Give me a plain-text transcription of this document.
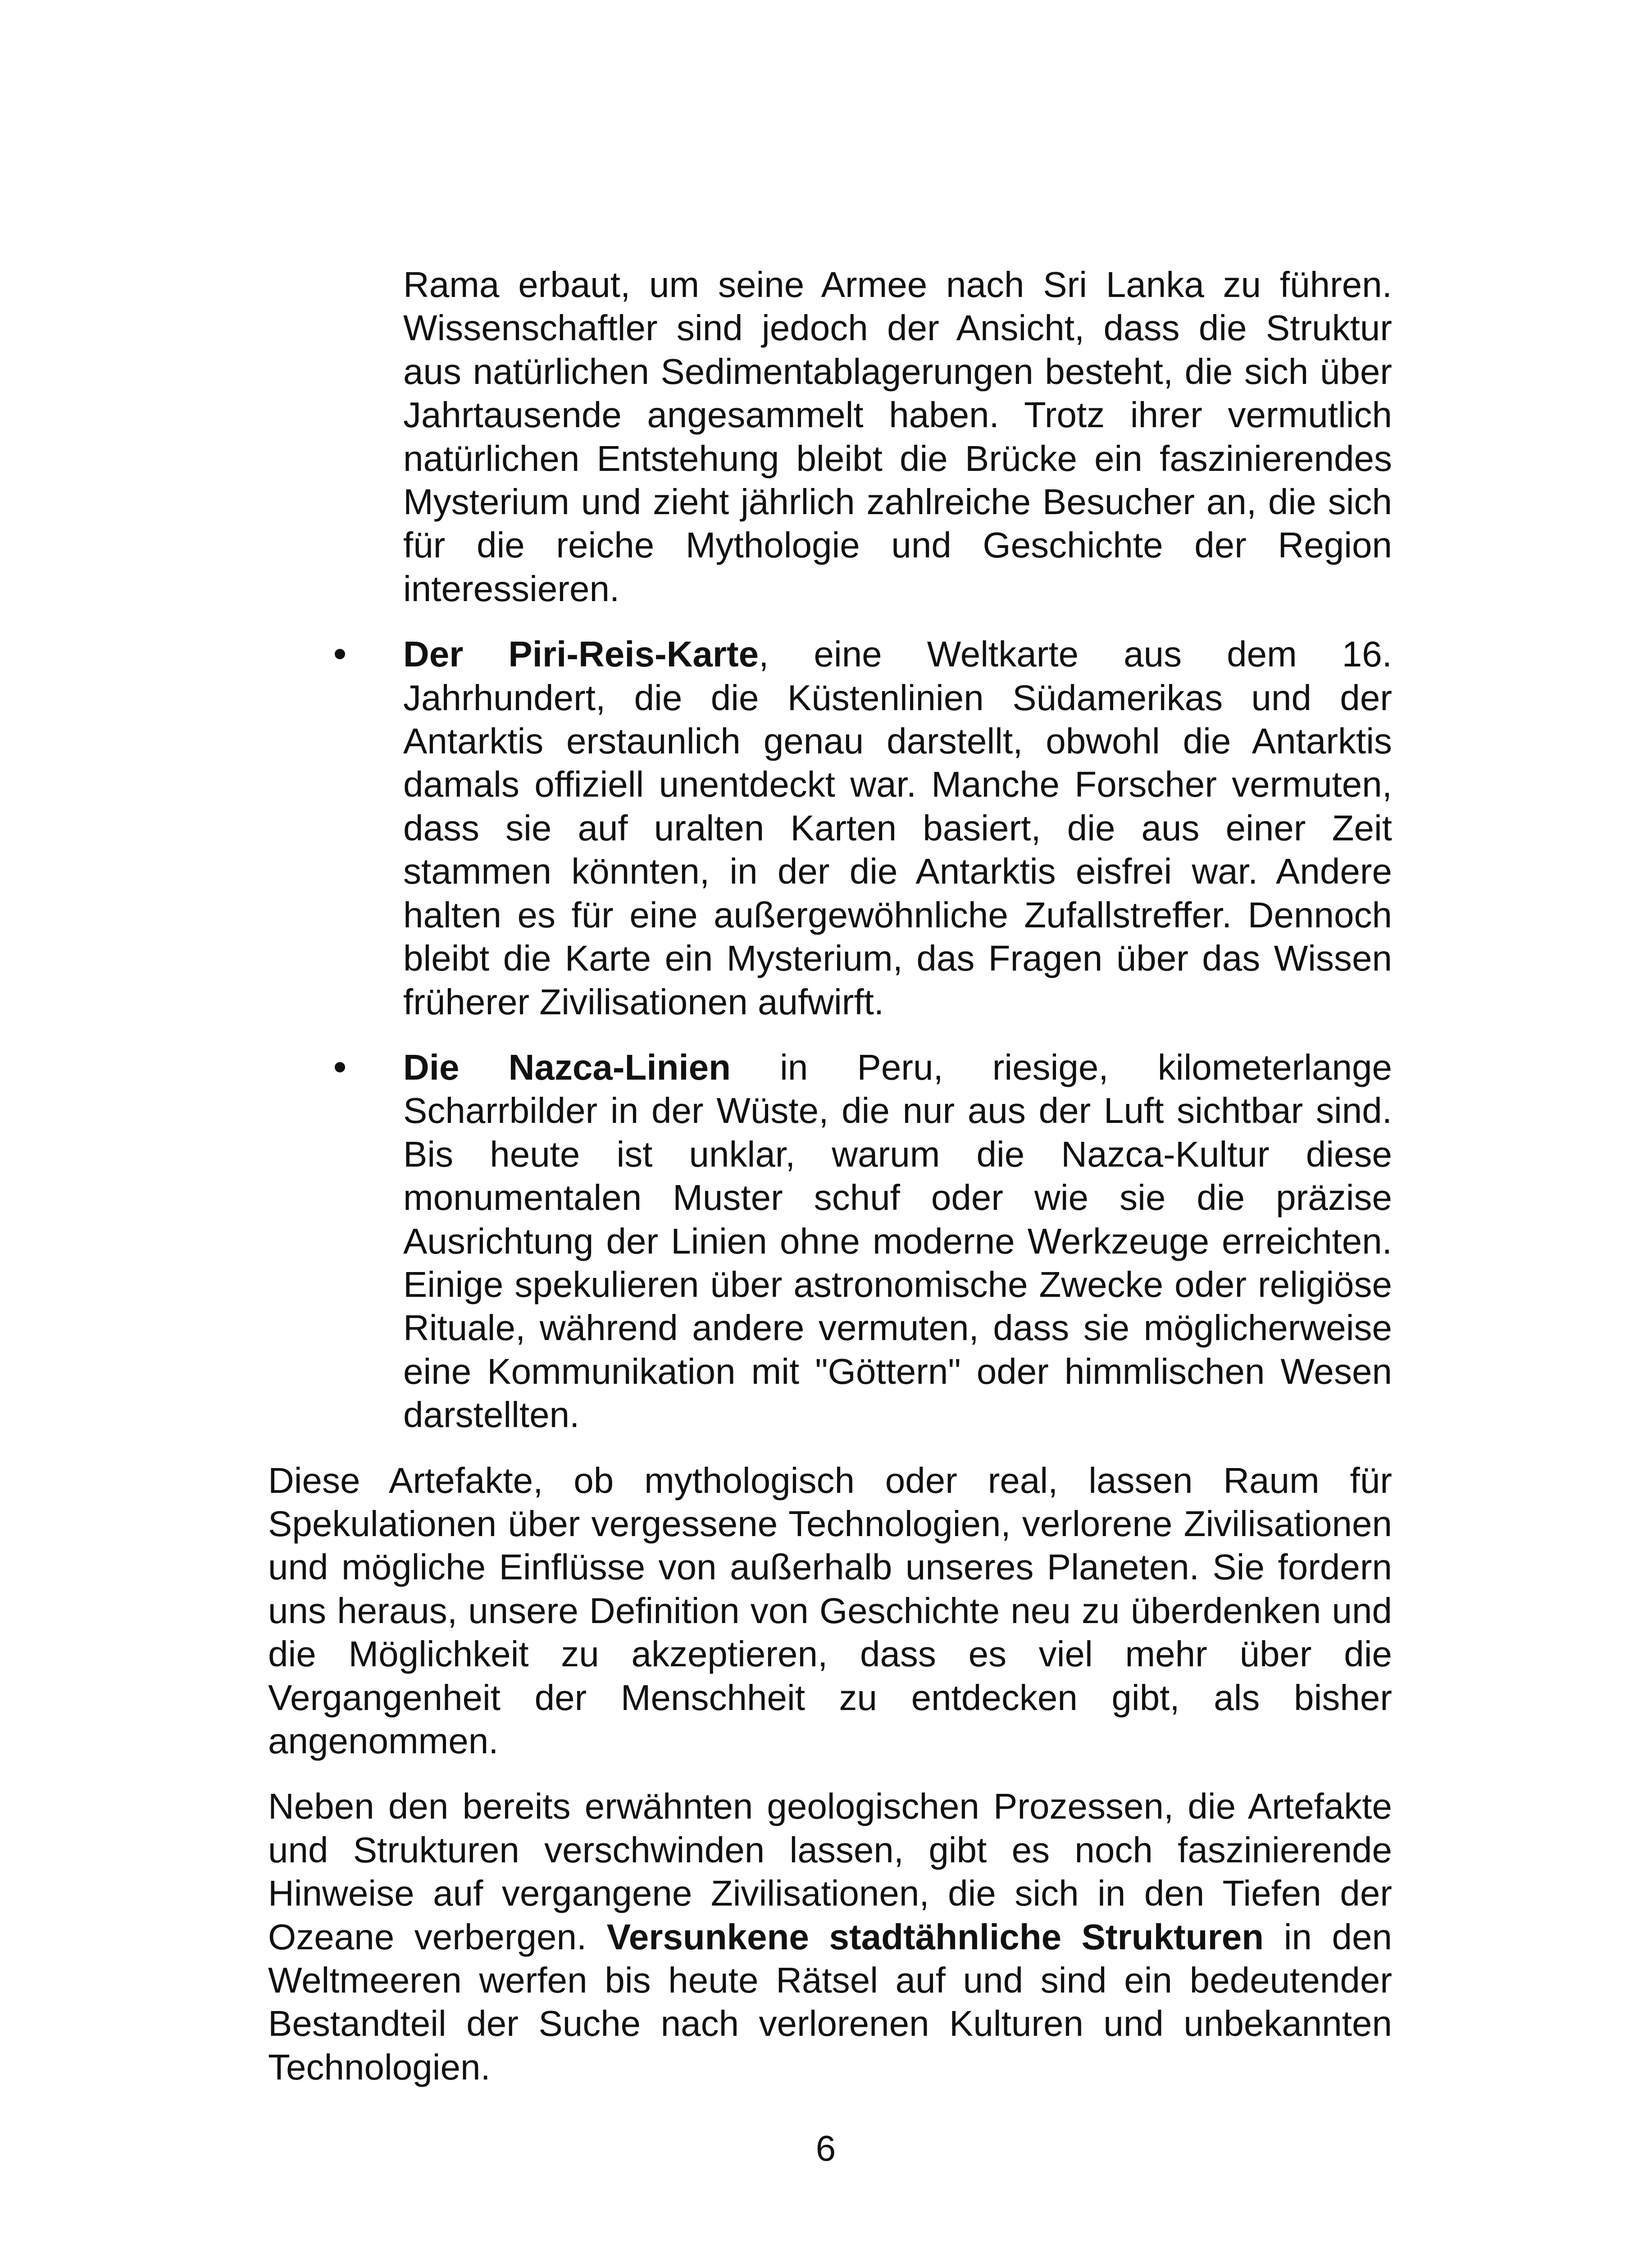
Rama erbaut, um seine Armee nach Sri Lanka zu führen. Wissenschaftler sind jedoch der Ansicht, dass die Struktur aus natürlichen Sedimentablagerungen besteht, die sich über Jahrtausende angesammelt haben. Trotz ihrer vermutlich natürlichen Entstehung bleibt die Brücke ein faszinierendes Mysterium und zieht jährlich zahlreiche Besucher an, die sich für die reiche Mythologie und Geschichte der Region interessieren.
Der Piri-Reis-Karte, eine Weltkarte aus dem 16. Jahrhundert, die die Küstenlinien Südamerikas und der Antarktis erstaunlich genau darstellt, obwohl die Antarktis damals offiziell unentdeckt war. Manche Forscher vermuten, dass sie auf uralten Karten basiert, die aus einer Zeit stammen könnten, in der die Antarktis eisfrei war. Andere halten es für eine außergewöhnliche Zufallstreffer. Dennoch bleibt die Karte ein Mysterium, das Fragen über das Wissen früherer Zivilisationen aufwirft.
Die Nazca-Linien in Peru, riesige, kilometerlange Scharrbilder in der Wüste, die nur aus der Luft sichtbar sind. Bis heute ist unklar, warum die Nazca-Kultur diese monumentalen Muster schuf oder wie sie die präzise Ausrichtung der Linien ohne moderne Werkzeuge erreichten. Einige spekulieren über astronomische Zwecke oder religiöse Rituale, während andere vermuten, dass sie möglicherweise eine Kommunikation mit "Göttern" oder himmlischen Wesen darstellten.

Diese Artefakte, ob mythologisch oder real, lassen Raum für Spekulationen über vergessene Technologien, verlorene Zivilisationen und mögliche Einflüsse von außerhalb unseres Planeten. Sie fordern uns heraus, unsere Definition von Geschichte neu zu überdenken und die Möglichkeit zu akzeptieren, dass es viel mehr über die Vergangenheit der Menschheit zu entdecken gibt, als bisher angenommen.

Neben den bereits erwähnten geologischen Prozessen, die Artefakte und Strukturen verschwinden lassen, gibt es noch faszinierende Hinweise auf vergangene Zivilisationen, die sich in den Tiefen der Ozeane verbergen. Versunkene stadtähnliche Strukturen in den Weltmeeren werfen bis heute Rätsel auf und sind ein bedeutender Bestandteil der Suche nach verlorenen Kulturen und unbekannten Technologien.

6
